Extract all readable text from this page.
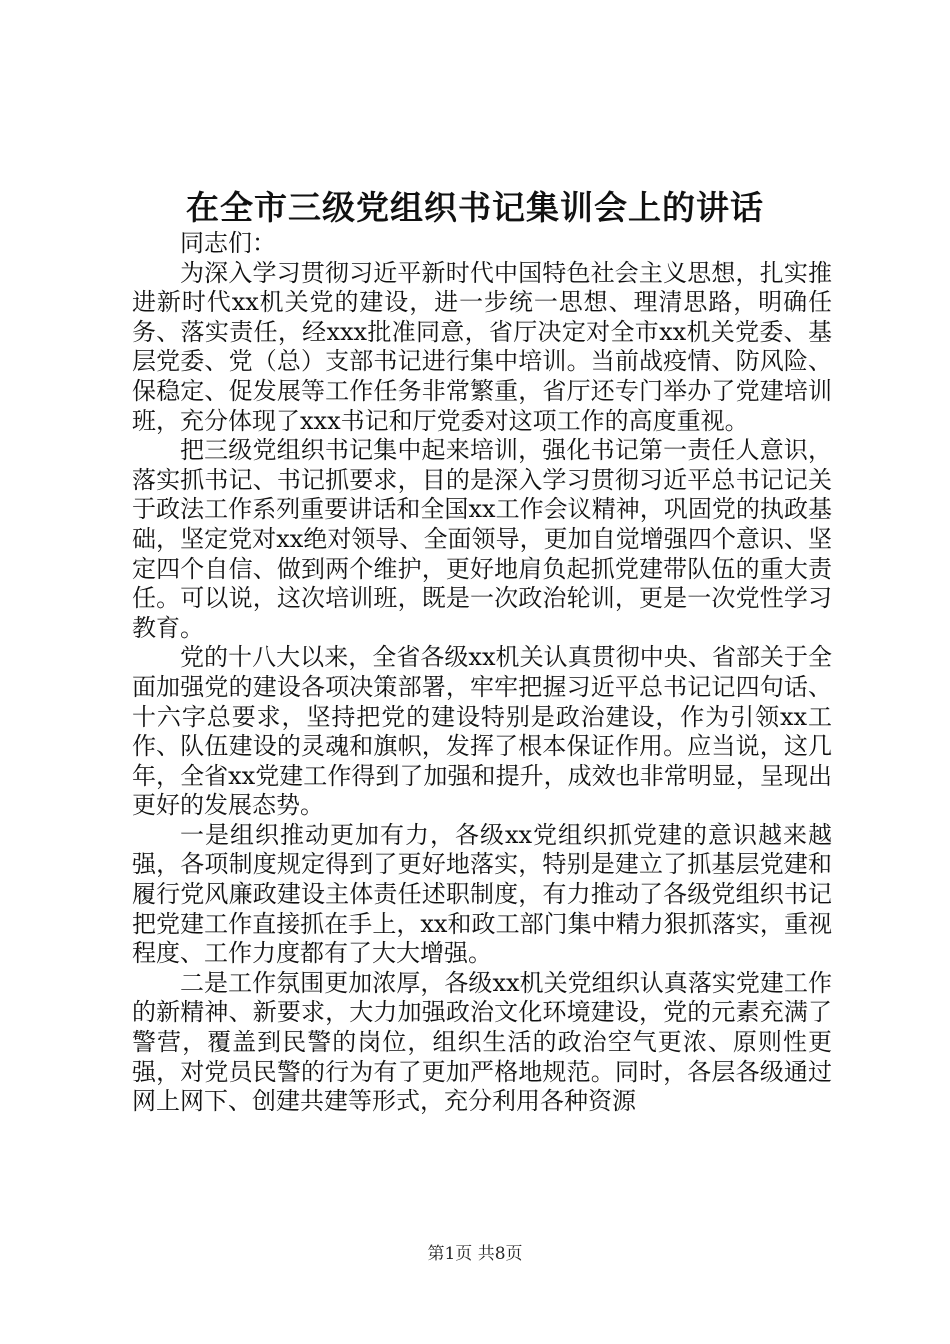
在全市三级党组织书记集训会上的讲话

同志们：

为深入学习贯彻习近平新时代中国特色社会主义思想，扎实推进新时代xx机关党的建设，进一步统一思想、理清思路，明确任务、落实责任，经xxx批准同意，省厅决定对全市xx机关党委、基层党委、党（总）支部书记进行集中培训。当前战疫情、防风险、保稳定、促发展等工作任务非常繁重，省厅还专门举办了党建培训班，充分体现了xxx书记和厅党委对这项工作的高度重视。

把三级党组织书记集中起来培训，强化书记第一责任人意识，落实抓书记、书记抓要求，目的是深入学习贯彻习近平总书记记关于政法工作系列重要讲话和全国xx工作会议精神，巩固党的执政基础，坚定党对xx绝对领导、全面领导，更加自觉增强四个意识、坚定四个自信、做到两个维护，更好地肩负起抓党建带队伍的重大责任。可以说，这次培训班，既是一次政治轮训，更是一次党性学习教育。

党的十八大以来，全省各级xx机关认真贯彻中央、省部关于全面加强党的建设各项决策部署，牢牢把握习近平总书记记四句话、十六字总要求，坚持把党的建设特别是政治建设，作为引领xx工作、队伍建设的灵魂和旗帜，发挥了根本保证作用。应当说，这几年，全省xx党建工作得到了加强和提升，成效也非常明显，呈现出更好的发展态势。

一是组织推动更加有力，各级xx党组织抓党建的意识越来越强，各项制度规定得到了更好地落实，特别是建立了抓基层党建和履行党风廉政建设主体责任述职制度，有力推动了各级党组织书记把党建工作直接抓在手上，xx和政工部门集中精力狠抓落实，重视程度、工作力度都有了大大增强。

二是工作氛围更加浓厚，各级xx机关党组织认真落实党建工作的新精神、新要求，大力加强政治文化环境建设，党的元素充满了警营，覆盖到民警的岗位，组织生活的政治空气更浓、原则性更强，对党员民警的行为有了更加严格地规范。同时，各层各级通过网上网下、创建共建等形式，充分利用各种资源

第1页 共8页
